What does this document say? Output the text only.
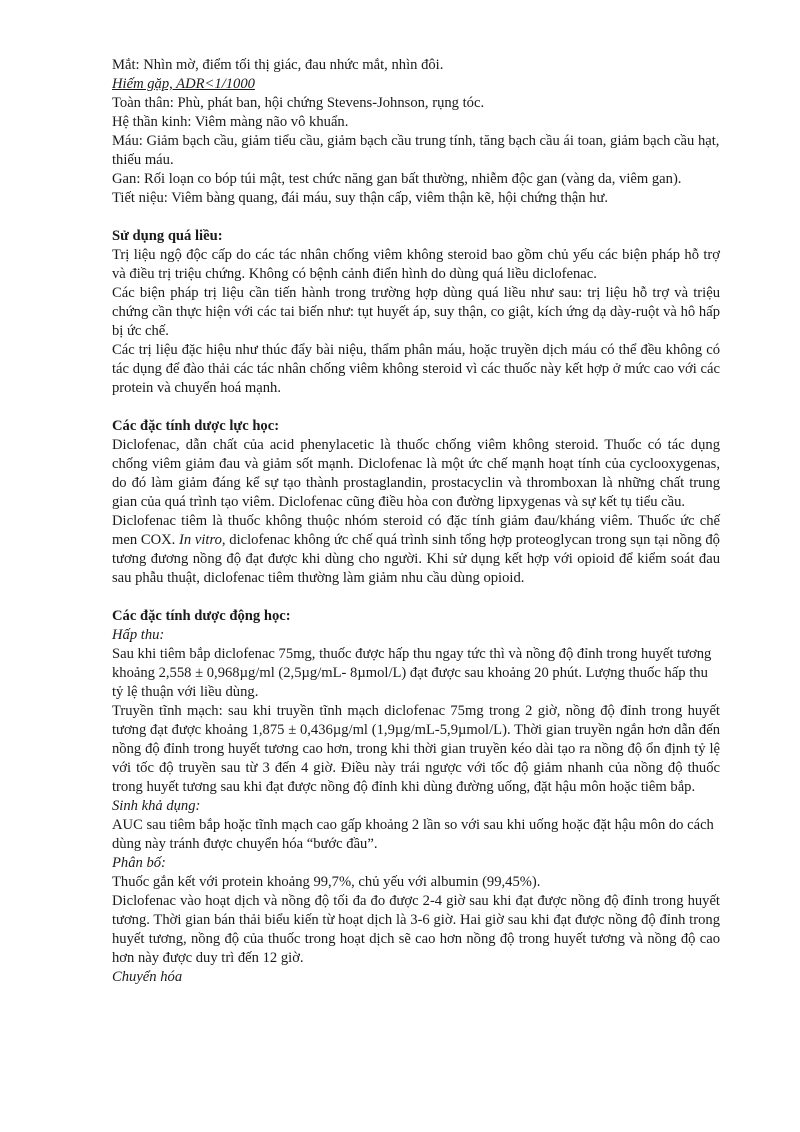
Mắt: Nhìn mờ, điểm tối thị giác, đau nhức mắt, nhìn đôi.

Hiếm gặp, ADR<1/1000

Toàn thân: Phù, phát ban, hội chứng Stevens-Johnson, rụng tóc.

Hệ thần kinh: Viêm màng não vô khuẩn.

Máu: Giảm bạch cầu, giảm tiểu cầu, giảm bạch cầu trung tính, tăng bạch cầu ái toan, giảm bạch cầu hạt, thiếu máu.

Gan: Rối loạn co bóp túi mật, test chức năng gan bất thường, nhiễm độc gan (vàng da, viêm gan).

Tiết niệu: Viêm bàng quang, đái máu, suy thận cấp, viêm thận kẽ, hội chứng thận hư.

Sử dụng quá liều:

Trị liệu ngộ độc cấp do các tác nhân chống viêm không steroid bao gồm chủ yếu các biện pháp hỗ trợ và điều trị triệu chứng. Không có bệnh cảnh điển hình do dùng quá liều diclofenac.

Các biện pháp trị liệu cần tiến hành trong trường hợp dùng quá liều như sau: trị liệu hỗ trợ và triệu chứng cần thực hiện với các tai biến như: tụt huyết áp, suy thận, co giật, kích ứng dạ dày-ruột và hô hấp bị ức chế.

Các trị liệu đặc hiệu như thúc đẩy bài niệu, thẩm phân máu, hoặc truyền dịch máu có thể đều không có tác dụng để đào thải các tác nhân chống viêm không steroid vì các thuốc này kết hợp ở mức cao với các protein và chuyển hoá mạnh.

Các đặc tính dược lực học:

Diclofenac, dẫn chất của acid phenylacetic là thuốc chống viêm không steroid. Thuốc có tác dụng chống viêm giảm đau và giảm sốt mạnh. Diclofenac là một ức chế mạnh hoạt tính của cyclooxygenas, do đó làm giảm đáng kể sự tạo thành prostaglandin, prostacyclin và thromboxan là những chất trung gian của quá trình tạo viêm. Diclofenac cũng điều hòa con đường lipxygenas và sự kết tụ tiểu cầu.

Diclofenac tiêm là thuốc không thuộc nhóm steroid có đặc tính giảm đau/kháng viêm. Thuốc ức chế men COX. In vitro, diclofenac không ức chế quá trình sinh tổng hợp proteoglycan trong sụn tại nồng độ tương đương nồng độ đạt được khi dùng cho người. Khi sử dụng kết hợp với opioid để kiểm soát đau sau phẫu thuật, diclofenac tiêm thường làm giảm nhu cầu dùng opioid.

Các đặc tính dược động học:

Hấp thu:

Sau khi tiêm bắp diclofenac 75mg, thuốc được hấp thu ngay tức thì và nồng độ đỉnh trong huyết tương khoảng 2,558 ± 0,968µg/ml (2,5µg/mL- 8µmol/L) đạt được sau khoảng 20 phút. Lượng thuốc hấp thu tỷ lệ thuận với liều dùng.

Truyền tĩnh mạch: sau khi truyền tĩnh mạch diclofenac 75mg trong 2 giờ, nồng độ đỉnh trong huyết tương đạt được khoảng 1,875 ± 0,436µg/ml (1,9µg/mL-5,9µmol/L). Thời gian truyền ngắn hơn dẫn đến nồng độ đỉnh trong huyết tương cao hơn, trong khi thời gian truyền kéo dài tạo ra nồng độ ổn định tỷ lệ với tốc độ truyền sau từ 3 đến 4 giờ. Điều này trái ngược với tốc độ giảm nhanh của nồng độ thuốc trong huyết tương sau khi đạt được nồng độ đỉnh khi dùng đường uống, đặt hậu môn hoặc tiêm bắp.

Sinh khả dụng:

AUC sau tiêm bắp hoặc tĩnh mạch cao gấp khoảng 2 lần so với sau khi uống hoặc đặt hậu môn do cách dùng này tránh được chuyển hóa “bước đầu”.

Phân bố:

Thuốc gắn kết với protein khoảng 99,7%, chủ yếu với albumin (99,45%).

Diclofenac vào hoạt dịch và nồng độ tối đa đo được 2-4 giờ sau khi đạt được nồng độ đỉnh trong huyết tương. Thời gian bán thải biểu kiến từ hoạt dịch là 3-6 giờ. Hai giờ sau khi đạt được nồng độ đỉnh trong huyết tương, nồng độ của thuốc trong hoạt dịch sẽ cao hơn nồng độ trong huyết tương và nồng độ cao hơn này được duy trì đến 12 giờ.

Chuyển hóa
